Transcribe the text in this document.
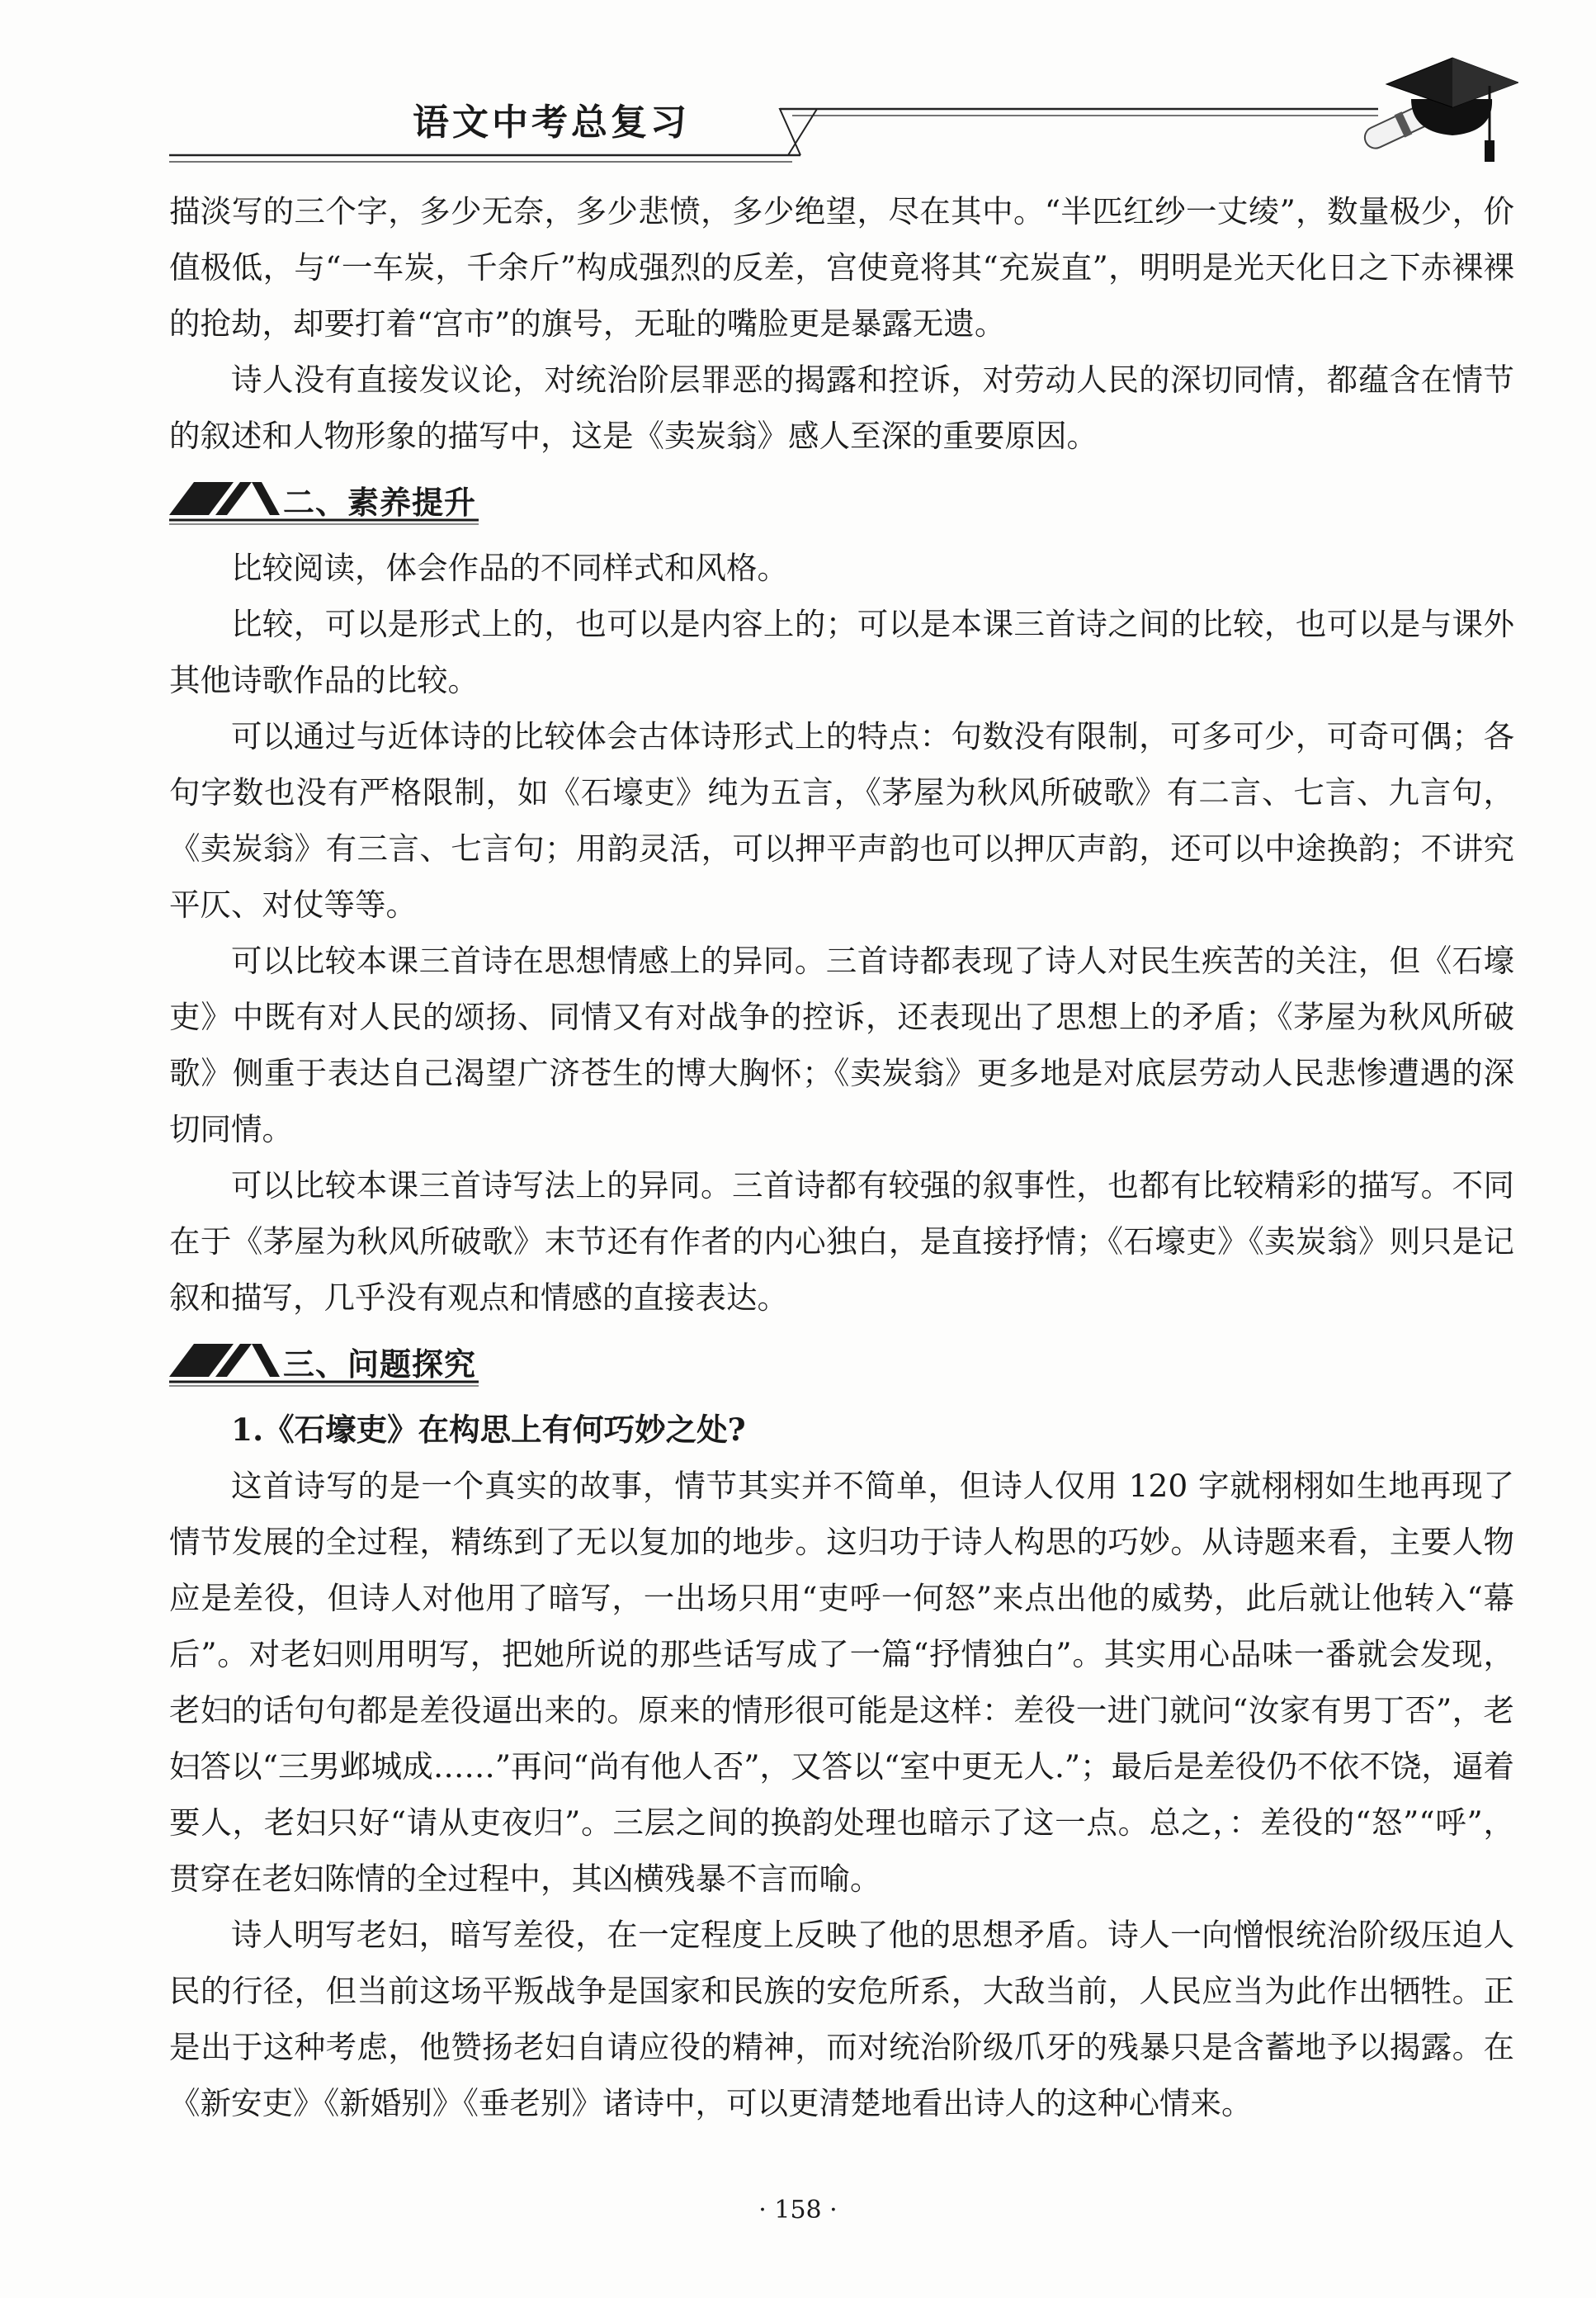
语文中考总复习

描淡写的三个字，多少无奈，多少悲愤，多少绝望，尽在其中。“半匹红纱一丈绫”，数量极少，价值极低，与“一车炭，千余斤”构成强烈的反差，宫使竟将其“充炭直”，明明是光天化日之下赤裸裸的抢劫，却要打着“宫市”的旗号，无耻的嘴脸更是暴露无遗。

诗人没有直接发议论，对统治阶层罪恶的揭露和控诉，对劳动人民的深切同情，都蕴含在情节的叙述和人物形象的描写中，这是《卖炭翁》感人至深的重要原因。

二、素养提升

比较阅读，体会作品的不同样式和风格。

比较，可以是形式上的，也可以是内容上的；可以是本课三首诗之间的比较，也可以是与课外其他诗歌作品的比较。

可以通过与近体诗的比较体会古体诗形式上的特点：句数没有限制，可多可少，可奇可偶；各句字数也没有严格限制，如《石壕吏》纯为五言，《茅屋为秋风所破歌》有二言、七言、九言句，《卖炭翁》有三言、七言句；用韵灵活，可以押平声韵也可以押仄声韵，还可以中途换韵；不讲究平仄、对仗等等。

可以比较本课三首诗在思想情感上的异同。三首诗都表现了诗人对民生疾苦的关注，但《石壕吏》中既有对人民的颂扬、同情又有对战争的控诉，还表现出了思想上的矛盾；《茅屋为秋风所破歌》侧重于表达自己渴望广济苍生的博大胸怀；《卖炭翁》更多地是对底层劳动人民悲惨遭遇的深切同情。

可以比较本课三首诗写法上的异同。三首诗都有较强的叙事性，也都有比较精彩的描写。不同在于《茅屋为秋风所破歌》末节还有作者的内心独白，是直接抒情；《石壕吏》《卖炭翁》则只是记叙和描写，几乎没有观点和情感的直接表达。

三、问题探究

1.《石壕吏》在构思上有何巧妙之处?

这首诗写的是一个真实的故事，情节其实并不简单，但诗人仅用 120 字就栩栩如生地再现了情节发展的全过程，精练到了无以复加的地步。这归功于诗人构思的巧妙。从诗题来看，主要人物应是差役，但诗人对他用了暗写，一出场只用“吏呼一何怒”来点出他的威势，此后就让他转入“幕后”。对老妇则用明写，把她所说的那些话写成了一篇“抒情独白”。其实用心品味一番就会发现，老妇的话句句都是差役逼出来的。原来的情形很可能是这样：差役一进门就问“汝家有男丁否”，老妇答以“三男邺城成……”再问“尚有他人否”，又答以“室中更无人.”；最后是差役仍不依不饶，逼着要人，老妇只好“请从吏夜归”。三层之间的换韵处理也暗示了这一点。总之，：差役的“怒”“呼”，贯穿在老妇陈情的全过程中，其凶横残暴不言而喻。

诗人明写老妇，暗写差役，在一定程度上反映了他的思想矛盾。诗人一向憎恨统治阶级压迫人民的行径，但当前这场平叛战争是国家和民族的安危所系，大敌当前，人民应当为此作出牺牲。正是出于这种考虑，他赞扬老妇自请应役的精神，而对统治阶级爪牙的残暴只是含蓄地予以揭露。在《新安吏》《新婚别》《垂老别》诸诗中，可以更清楚地看出诗人的这种心情来。

· 158 ·
